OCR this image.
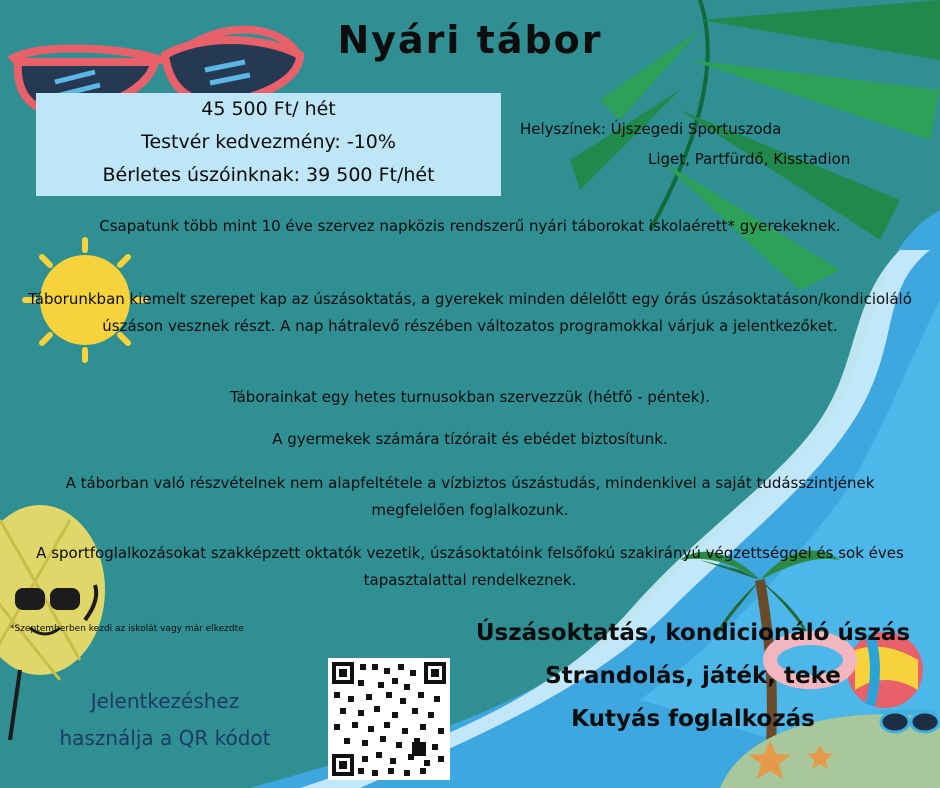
Nyári tábor
45 500 Ft/ hét
Testvér kedvezmény: -10%
Bérletes úszóinknak: 39 500 Ft/hét
Helyszínek: Újszegedi Sportuszoda
Liget, Partfürdő, Kisstadion
Csapatunk több mint 10 éve szervez napközis rendszerű nyári táborokat iskolaérett* gyerekeknek.
Táborunkban kiemelt szerepet kap az úszásoktatás, a gyerekek minden délelőtt egy órás úszásoktatáson/kondicioláló úszáson vesznek részt. A nap hátralevő részében változatos programokkal várjuk a jelentkezőket.
Táborainkat egy hetes turnusokban szervezzük (hétfő - péntek).
A gyermekek számára tízórait és ebédet biztosítunk.
A táborban való részvételnek nem alapfeltétele a vízbiztos úszástudás, mindenkivel a saját tudásszintjének megfelelően foglalkozunk.
A sportfoglalkozásokat szakképzett oktatók vezetik, úszásoktatóink felsőfokú szakirányú végzettséggel és sok éves tapasztalattal rendelkeznek.
*Szeptemberben kezdi az iskolát vagy már elkezdte
Jelentkezéshez
használja a QR kódot
Úszásoktatás, kondicionáló úszás
Strandolás, játék, teke
Kutyás foglalkozás
